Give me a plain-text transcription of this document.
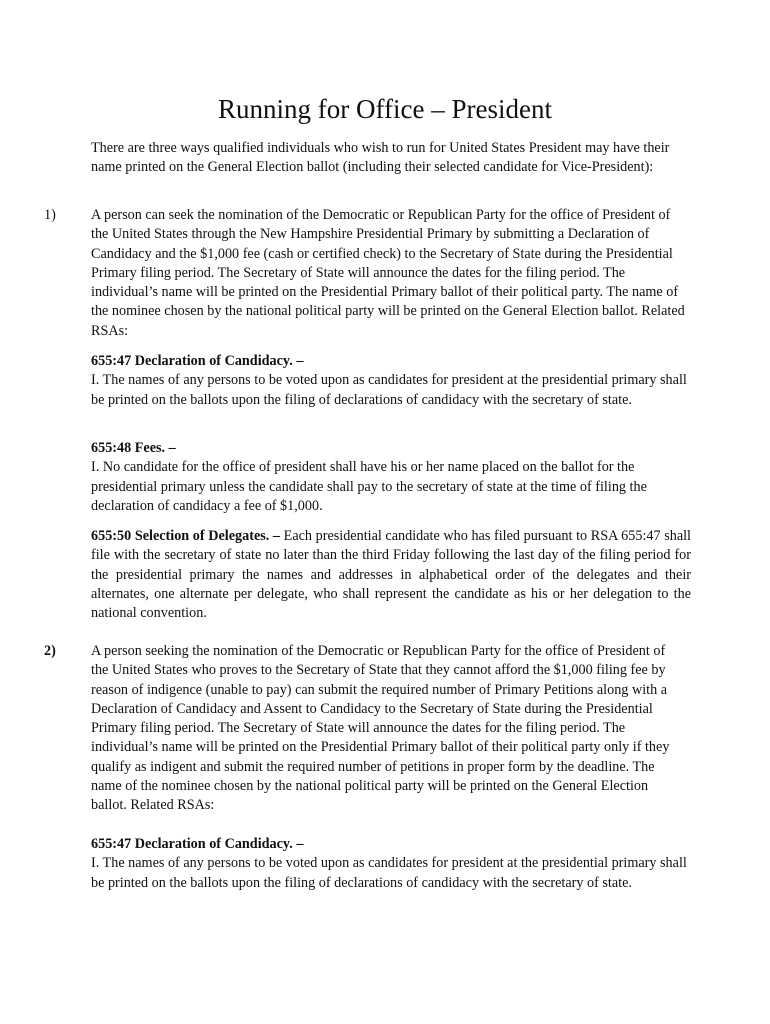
Running for Office – President

There are three ways qualified individuals who wish to run for United States President may have their name printed on the General Election ballot (including their selected candidate for Vice-President):

1) A person can seek the nomination of the Democratic or Republican Party for the office of President of the United States through the New Hampshire Presidential Primary by submitting a Declaration of Candidacy and the $1,000 fee (cash or certified check) to the Secretary of State during the Presidential Primary filing period. The Secretary of State will announce the dates for the filing period. The individual’s name will be printed on the Presidential Primary ballot of their political party. The name of the nominee chosen by the national political party will be printed on the General Election ballot. Related RSAs:

655:47 Declaration of Candidacy. –
I. The names of any persons to be voted upon as candidates for president at the presidential primary shall be printed on the ballots upon the filing of declarations of candidacy with the secretary of state.
655:48 Fees. –
I. No candidate for the office of president shall have his or her name placed on the ballot for the presidential primary unless the candidate shall pay to the secretary of state at the time of filing the declaration of candidacy a fee of $1,000.
655:50 Selection of Delegates. – Each presidential candidate who has filed pursuant to RSA 655:47 shall file with the secretary of state no later than the third Friday following the last day of the filing period for the presidential primary the names and addresses in alphabetical order of the delegates and their alternates, one alternate per delegate, who shall represent the candidate as his or her delegation to the national convention.

2) A person seeking the nomination of the Democratic or Republican Party for the office of President of the United States who proves to the Secretary of State that they cannot afford the $1,000 filing fee by reason of indigence (unable to pay) can submit the required number of Primary Petitions along with a Declaration of Candidacy and Assent to Candidacy to the Secretary of State during the Presidential Primary filing period. The Secretary of State will announce the dates for the filing period. The individual’s name will be printed on the Presidential Primary ballot of their political party only if they qualify as indigent and submit the required number of petitions in proper form by the deadline. The name of the nominee chosen by the national political party will be printed on the General Election ballot. Related RSAs:

655:47 Declaration of Candidacy. –
I. The names of any persons to be voted upon as candidates for president at the presidential primary shall be printed on the ballots upon the filing of declarations of candidacy with the secretary of state.
